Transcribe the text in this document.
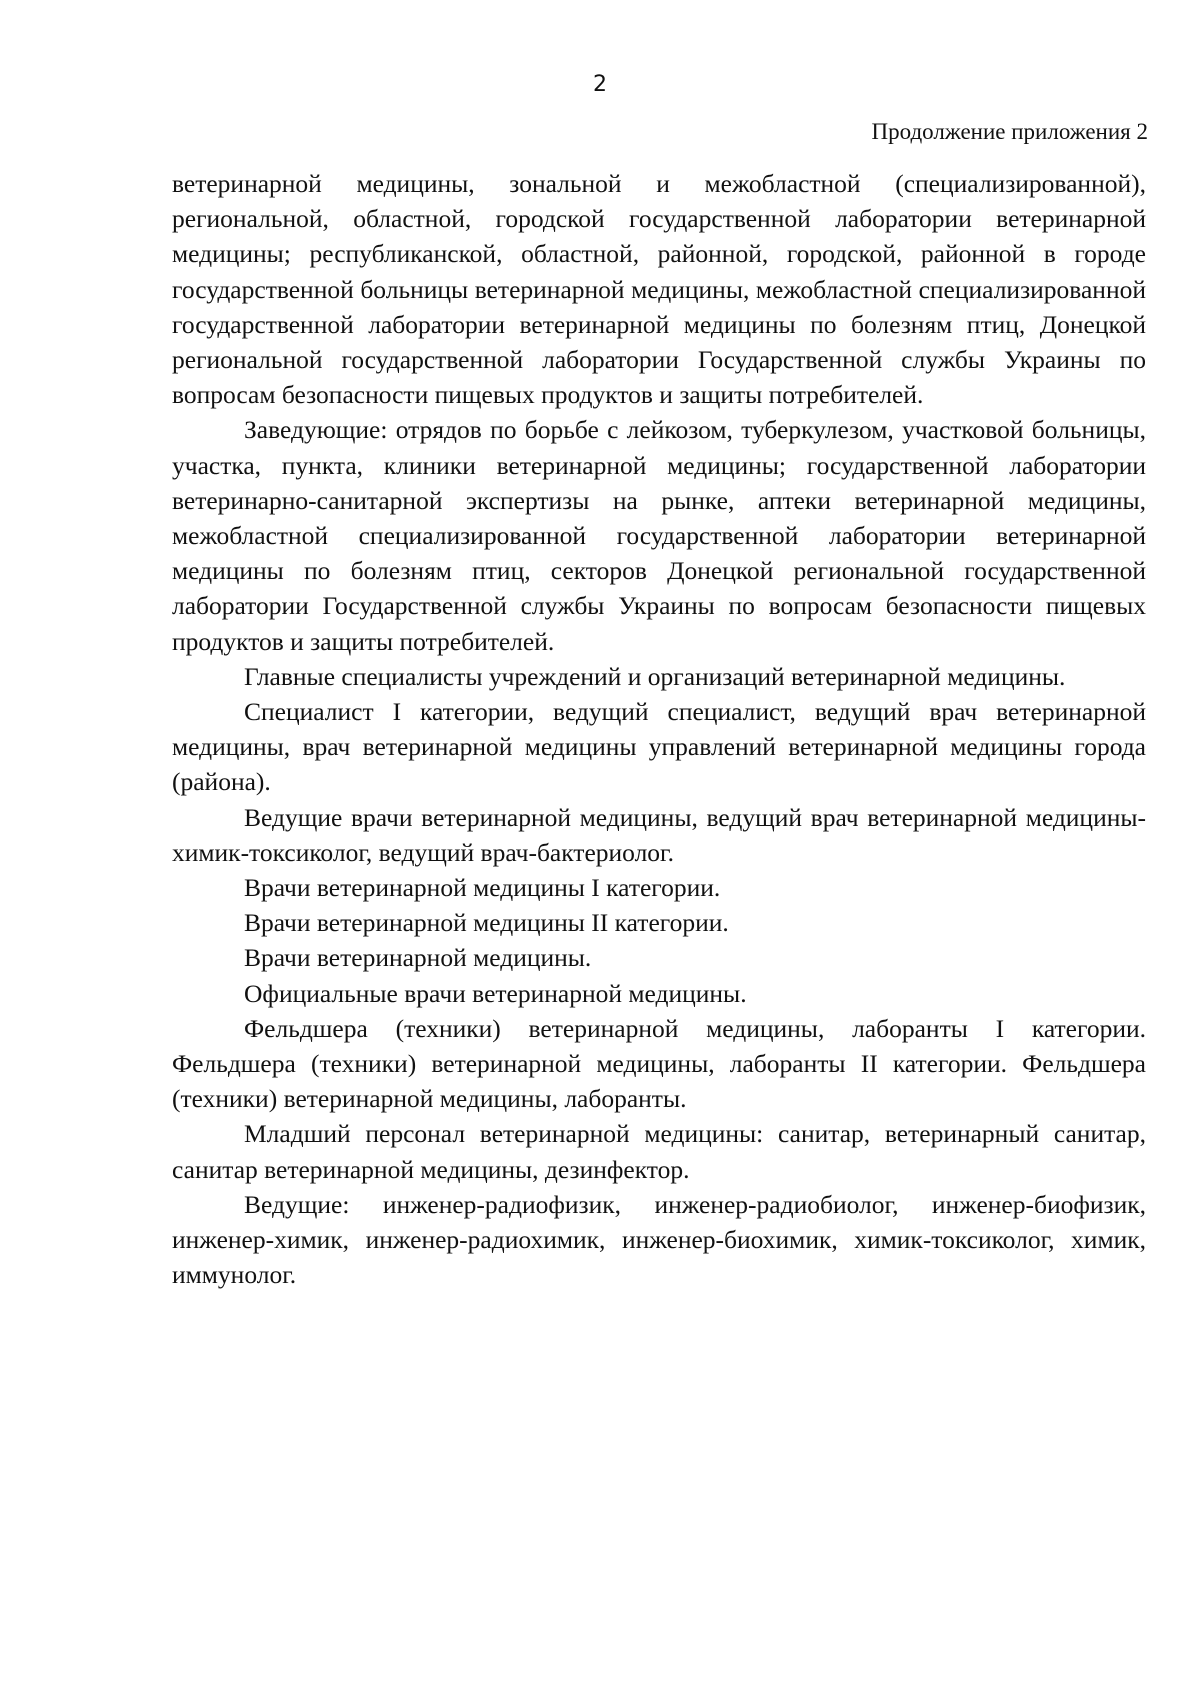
2
Продолжение приложения 2

ветеринарной медицины, зональной и межобластной (специализированной), региональной, областной, городской государственной лаборатории ветеринарной медицины; республиканской, областной, районной, городской, районной в городе государственной больницы ветеринарной медицины, межобластной специализированной государственной лаборатории ветеринарной медицины по болезням птиц, Донецкой региональной государственной лаборатории Государственной службы Украины по вопросам безопасности пищевых продуктов и защиты потребителей.

Заведующие: отрядов по борьбе с лейкозом, туберкулезом, участковой больницы, участка, пункта, клиники ветеринарной медицины; государственной лаборатории ветеринарно-санитарной экспертизы на рынке, аптеки ветеринарной медицины, межобластной специализированной государственной лаборатории ветеринарной медицины по болезням птиц, секторов Донецкой региональной государственной лаборатории Государственной службы Украины по вопросам безопасности пищевых продуктов и защиты потребителей.

Главные специалисты учреждений и организаций ветеринарной медицины.

Специалист I категории, ведущий специалист, ведущий врач ветеринарной медицины, врач ветеринарной медицины управлений ветеринарной медицины города (района).

Ведущие врачи ветеринарной медицины, ведущий врач ветеринарной медицины-химик-токсиколог, ведущий врач-бактериолог.

Врачи ветеринарной медицины I категории.

Врачи ветеринарной медицины II категории.

Врачи ветеринарной медицины.

Официальные врачи ветеринарной медицины.

Фельдшера (техники) ветеринарной медицины, лаборанты I категории. Фельдшера (техники) ветеринарной медицины, лаборанты II категории. Фельдшера (техники) ветеринарной медицины, лаборанты.

Младший персонал ветеринарной медицины: санитар, ветеринарный санитар, санитар ветеринарной медицины, дезинфектор.

Ведущие: инженер-радиофизик, инженер-радиобиолог, инженер-биофизик, инженер-химик, инженер-радиохимик, инженер-биохимик, химик-токсиколог, химик, иммунолог.
